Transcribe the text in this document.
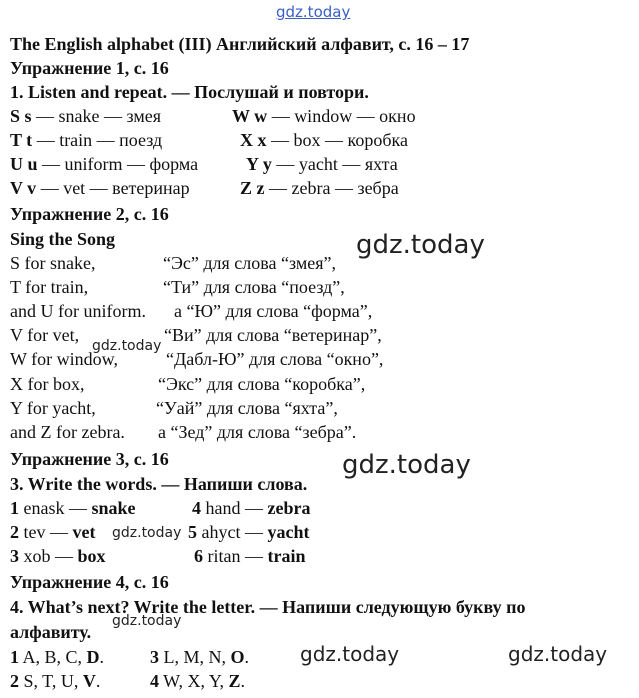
gdz.today
The English alphabet (III) Английский алфавит, с. 16 – 17
Упражнение 1, с. 16
1. Listen and repeat. — Послушай и повтори.
S s — snake — змея	W w — window — окно
T t — train — поезд	X x — box — коробка
U u — uniform — форма	Y y — yacht — яхта
V v — vet — ветеринар	Z z — zebra — зебра
Упражнение 2, с. 16
Sing the Song
S for snake,	“Эс” для слова “змея”,
T for train,	“Ти” для слова “поезд”,
and U for uniform. а “Ю” для слова “форма”,
V for vet,	“Ви” для слова “ветеринар”,
W for window,	“Дабл-Ю” для слова “окно”,
X for box,	“Экс” для слова “коробка”,
Y for yacht,	“Уай” для слова “яхта”,
and Z for zebra. а “Зед” для слова “зебра”.
Упражнение 3, с. 16
3. Write the words. — Напиши слова.
1 enask — snake	4 hand — zebra
2 tev — vet	5 ahyct — yacht
3 xob — box	6 ritan — train
Упражнение 4, с. 16
4. What’s next? Write the letter. — Напиши следующую букву по
алфавиту.
1 A, B, C, D.	3 L, M, N, O.
2 S, T, U, V.	4 W, X, Y, Z.
gdz.today
gdz.today
gdz.today
gdz.today
gdz.today
gdz.today	gdz.today
